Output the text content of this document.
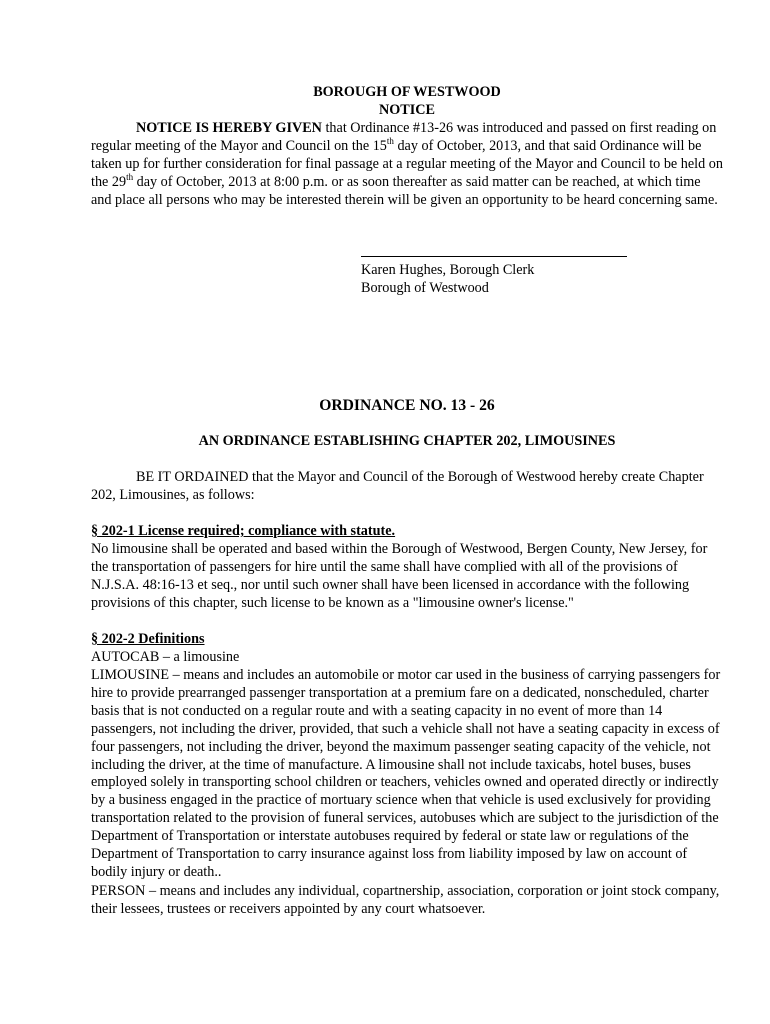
BOROUGH OF WESTWOOD
NOTICE

NOTICE IS HEREBY GIVEN that Ordinance #13-26 was introduced and passed on first reading on regular meeting of the Mayor and Council on the 15th day of October, 2013, and that said Ordinance will be taken up for further consideration for final passage at a regular meeting of the Mayor and Council to be held on the 29th day of October, 2013 at 8:00 p.m. or as soon thereafter as said matter can be reached, at which time and place all persons who may be interested therein will be given an opportunity to be heard concerning same.

Karen Hughes, Borough Clerk
Borough of Westwood
ORDINANCE NO. 13 - 26
AN ORDINANCE ESTABLISHING CHAPTER 202, LIMOUSINES

BE IT ORDAINED that the Mayor and Council of the Borough of Westwood hereby create Chapter 202, Limousines, as follows:

§ 202-1 License required; compliance with statute.

No limousine shall be operated and based within the Borough of Westwood, Bergen County, New Jersey, for the transportation of passengers for hire until the same shall have complied with all of the provisions of N.J.S.A. 48:16-13 et seq., nor until such owner shall have been licensed in accordance with the following provisions of this chapter, such license to be known as a "limousine owner's license."

§ 202-2 Definitions

AUTOCAB – a limousine

LIMOUSINE – means and includes an automobile or motor car used in the business of carrying passengers for hire to provide prearranged passenger transportation at a premium fare on a dedicated, nonscheduled, charter basis that is not conducted on a regular route and with a seating capacity in no event of more than 14 passengers, not including the driver, provided, that such a vehicle shall not have a seating capacity in excess of four passengers, not including the driver, beyond the maximum passenger seating capacity of the vehicle, not including the driver, at the time of manufacture. A limousine shall not include taxicabs, hotel buses, buses employed solely in transporting school children or teachers, vehicles owned and operated directly or indirectly by a business engaged in the practice of mortuary science when that vehicle is used exclusively for providing transportation related to the provision of funeral services, autobuses which are subject to the jurisdiction of the Department of Transportation or interstate autobuses required by federal or state law or regulations of the Department of Transportation to carry insurance against loss from liability imposed by law on account of bodily injury or death..

PERSON – means and includes any individual, copartnership, association, corporation or joint stock company, their lessees, trustees or receivers appointed by any court whatsoever.
